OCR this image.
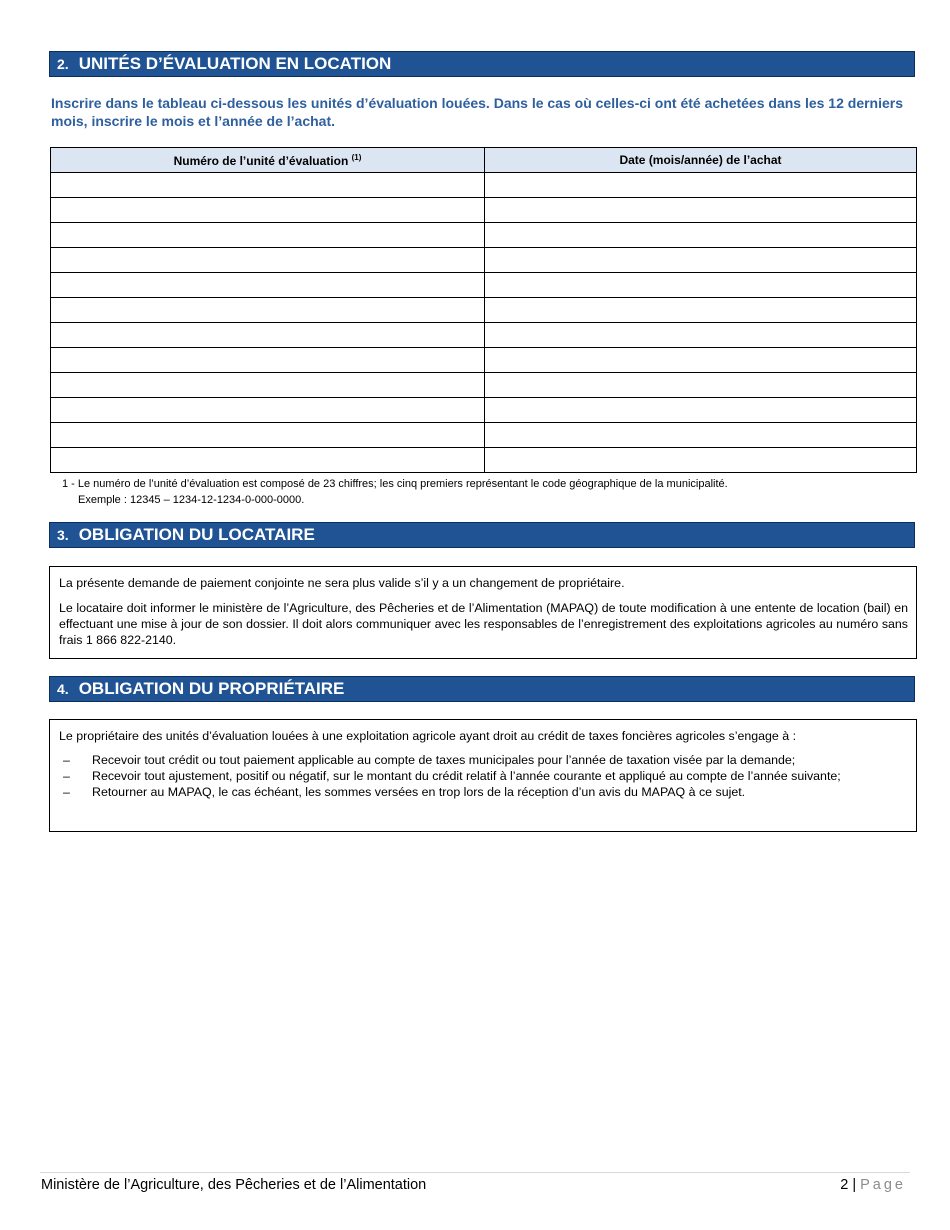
2. UNITÉS D’ÉVALUATION EN LOCATION
Inscrire dans le tableau ci-dessous les unités d’évaluation louées. Dans le cas où celles-ci ont été achetées dans les 12 derniers mois, inscrire le mois et l’année de l’achat.
Numéro de l’unité d’évaluation $^{(1)}$	Date (mois/année) de l’achat

1 - Le numéro de l’unité d’évaluation est composé de 23 chiffres; les cinq premiers représentant le code géographique de la municipalité.
Exemple : 12345 – 1234-12-1234-0-000-0000.
3. OBLIGATION DU LOCATAIRE

La présente demande de paiement conjointe ne sera plus valide s’il y a un changement de propriétaire.

Le locataire doit informer le ministère de l’Agriculture, des Pêcheries et de l’Alimentation (MAPAQ) de toute modification à une entente de location (bail) en effectuant une mise à jour de son dossier. Il doit alors communiquer avec les responsables de l’enregistrement des exploitations agricoles au numéro sans frais 1 866 822-2140.

4. OBLIGATION DU PROPRIÉTAIRE

Le propriétaire des unités d’évaluation louées à une exploitation agricole ayant droit au crédit de taxes foncières agricoles s’engage à :

– Recevoir tout crédit ou tout paiement applicable au compte de taxes municipales pour l’année de taxation visée par la demande;
– Recevoir tout ajustement, positif ou négatif, sur le montant du crédit relatif à l’année courante et appliqué au compte de l’année suivante;
– Retourner au MAPAQ, le cas échéant, les sommes versées en trop lors de la réception d’un avis du MAPAQ à ce sujet.
Ministère de l’Agriculture, des Pêcheries et de l’Alimentation	2 | Page
